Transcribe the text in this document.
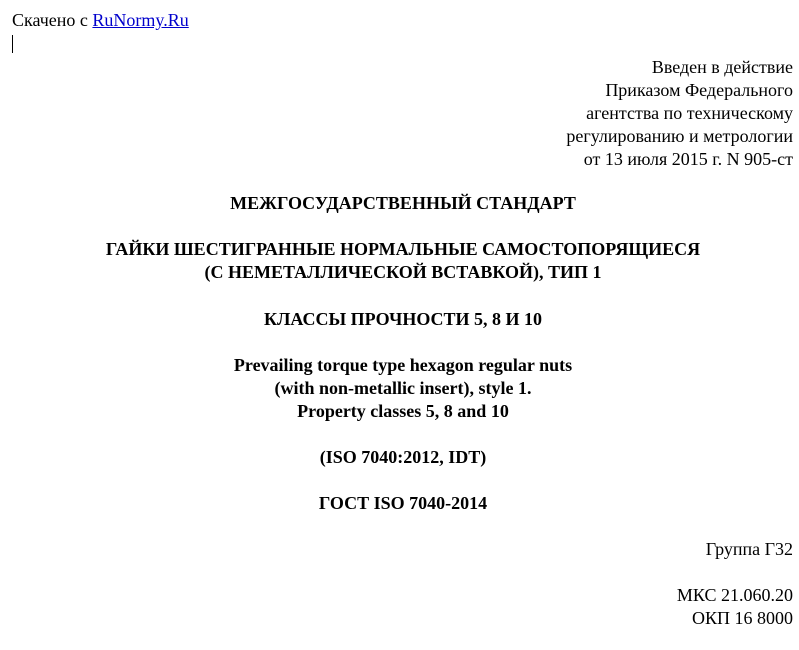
Скачено с RuNormy.Ru
Введен в действие
Приказом Федерального
агентства по техническому
регулированию и метрологии
от 13 июля 2015 г. N 905-ст
МЕЖГОСУДАРСТВЕННЫЙ СТАНДАРТ
ГАЙКИ ШЕСТИГРАННЫЕ НОРМАЛЬНЫЕ САМОСТОПОРЯЩИЕСЯ
(С НЕМЕТАЛЛИЧЕСКОЙ ВСТАВКОЙ), ТИП 1
КЛАССЫ ПРОЧНОСТИ 5, 8 И 10
Prevailing torque type hexagon regular nuts
(with non-metallic insert), style 1.
Property classes 5, 8 and 10
(ISO 7040:2012, IDT)
ГОСТ ISO 7040-2014
Группа Г32
МКС 21.060.20
ОКП 16 8000
